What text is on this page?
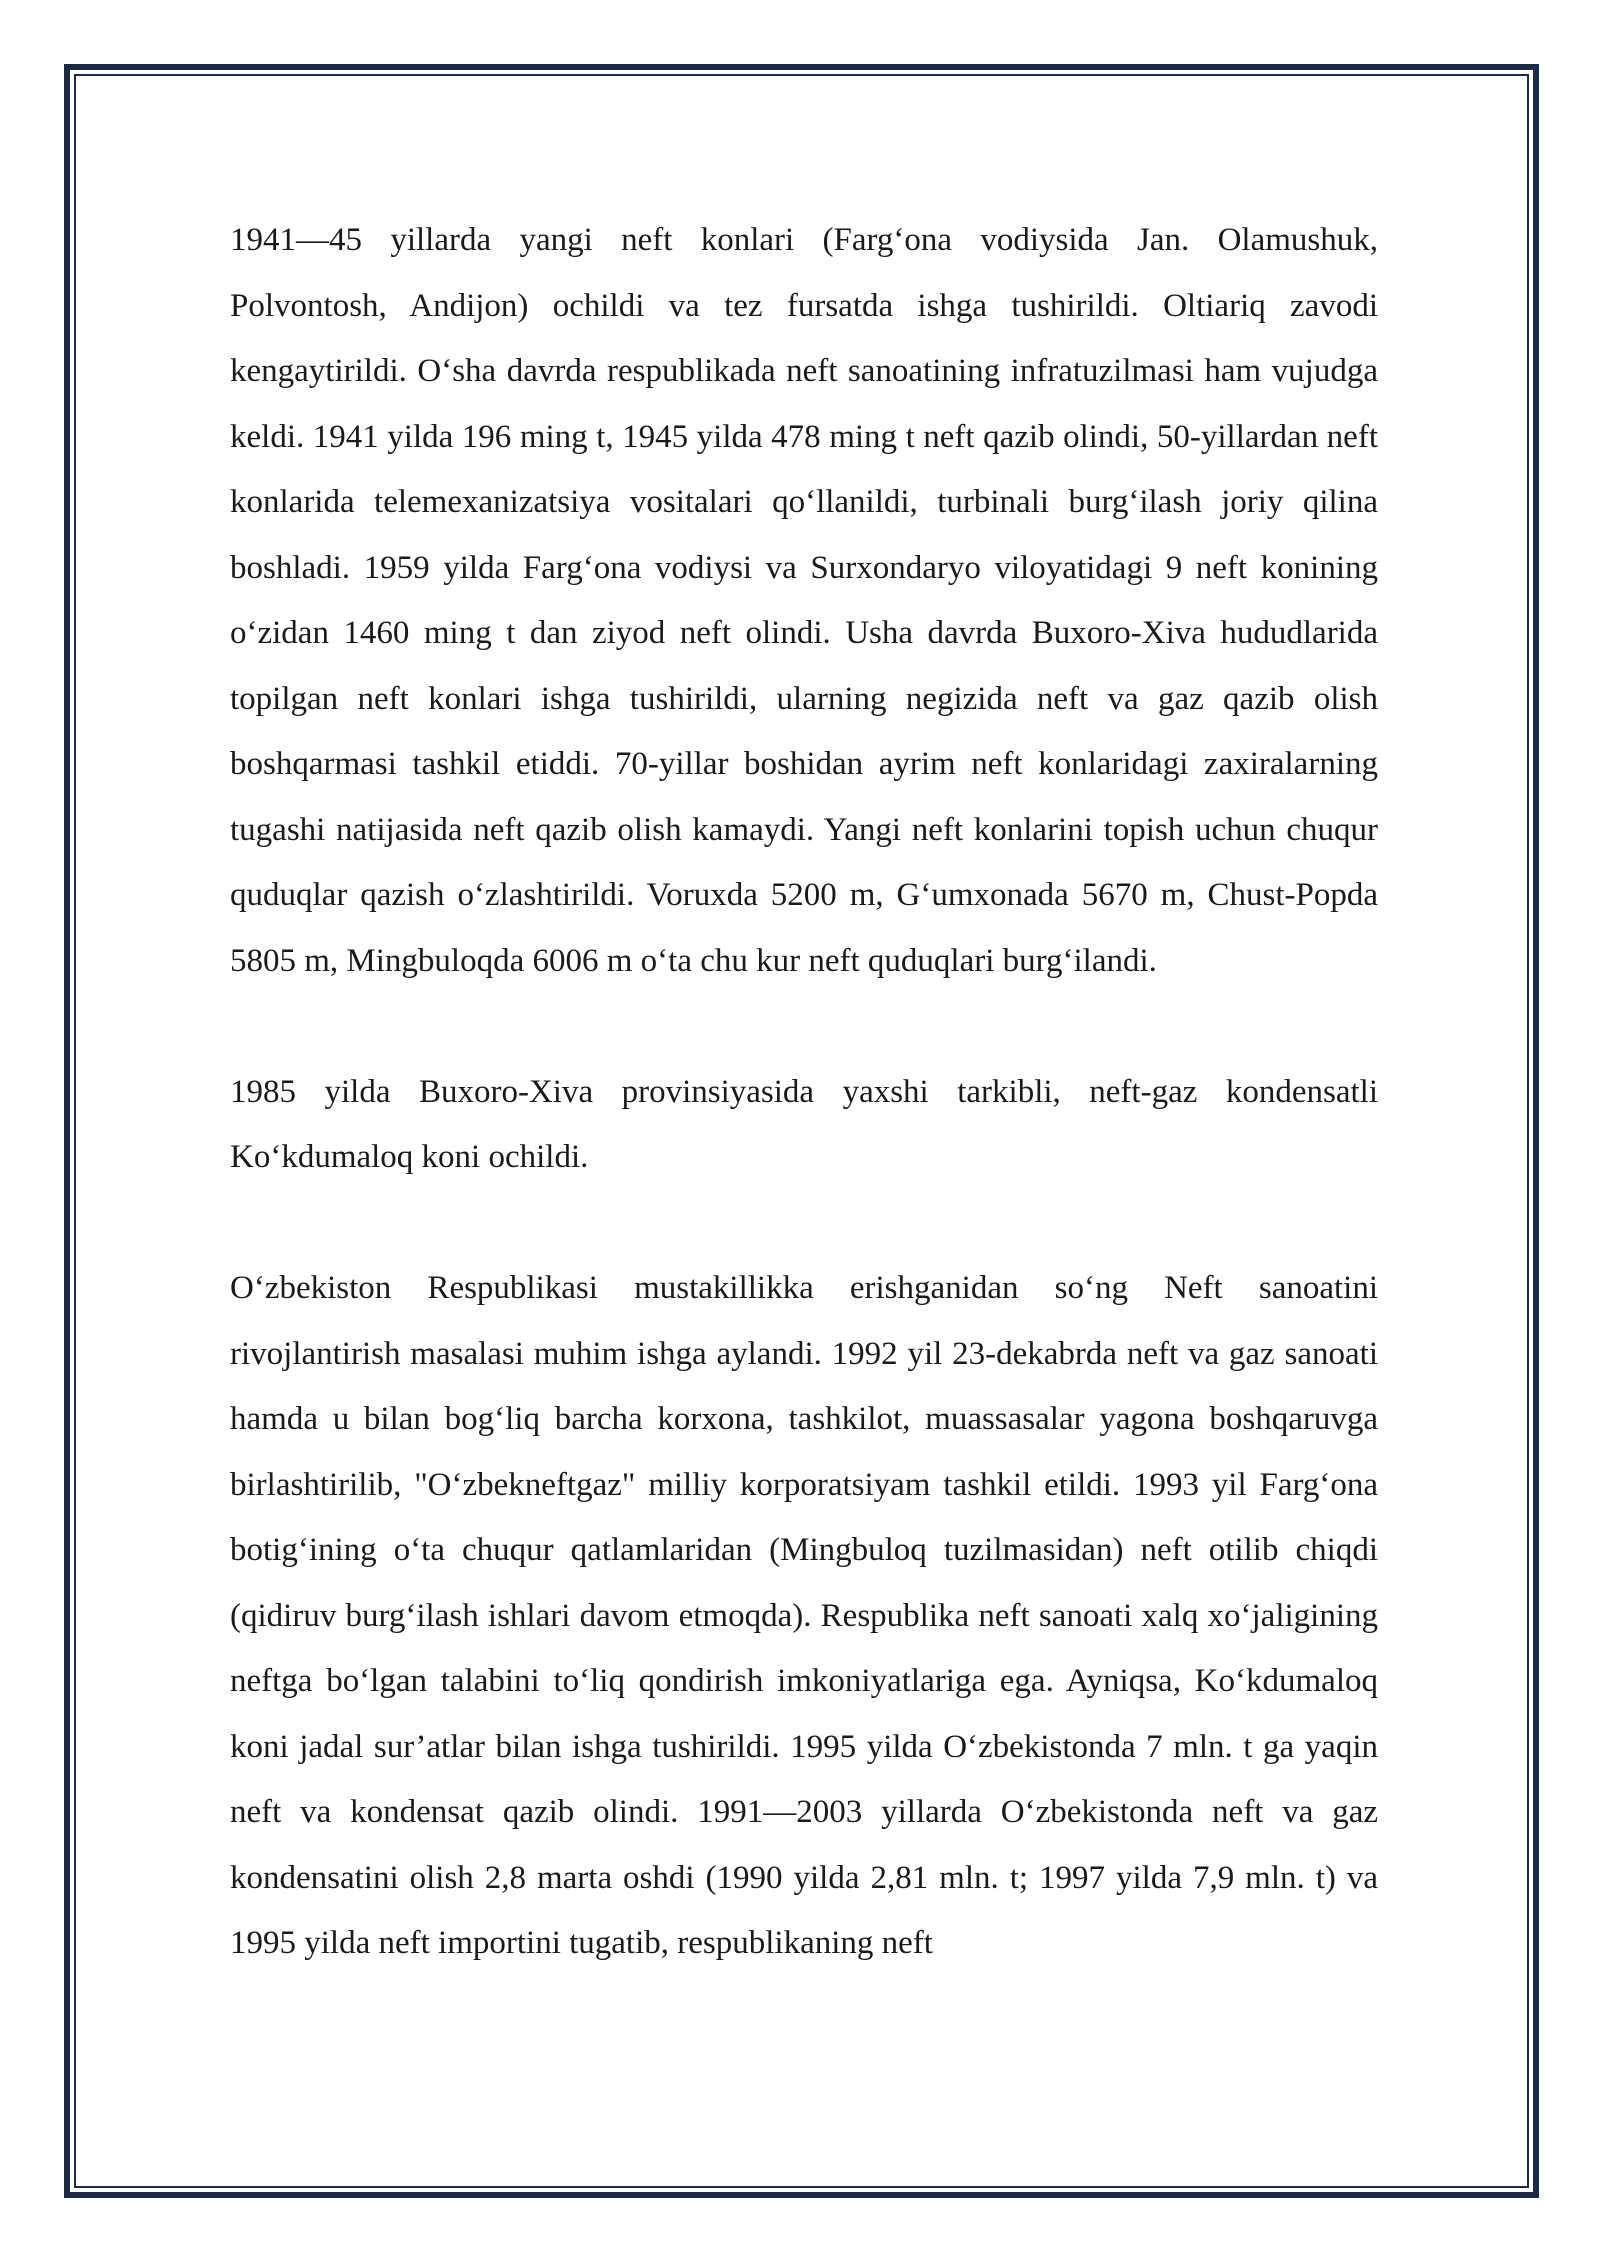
1941—45 yillarda yangi neft konlari (Farg‘ona vodiysida Jan. Olamushuk, Polvontosh, Andijon) ochildi va tez fursatda ishga tushirildi. Oltiariq zavodi kengaytirildi. O‘sha davrda respublikada neft sanoatining infratuzilmasi ham vujudga keldi. 1941 yilda 196 ming t, 1945 yilda 478 ming t neft qazib olindi, 50-yillardan neft konlarida telemexanizatsiya vositalari qo‘llanildi, turbinali burg‘ilash joriy qilina boshladi. 1959 yilda Farg‘ona vodiysi va Surxondaryo viloyatidagi 9 neft konining o‘zidan 1460 ming t dan ziyod neft olindi. Usha davrda Buxoro-Xiva hududlarida topilgan neft konlari ishga tushirildi, ularning negizida neft va gaz qazib olish boshqarmasi tashkil etiddi. 70-yillar boshidan ayrim neft konlaridagi zaxiralarning tugashi natijasida neft qazib olish kamaydi. Yangi neft konlarini topish uchun chuqur quduqlar qazish o‘zlashtirildi. Voruxda 5200 m, G‘umxonada 5670 m, Chust-Popda 5805 m, Mingbuloqda 6006 m o‘ta chu kur neft quduqlari burg‘ilandi.

1985 yilda Buxoro-Xiva provinsiyasida yaxshi tarkibli, neft-gaz kondensatli Ko‘kdumaloq koni ochildi.

O‘zbekiston Respublikasi mustakillikka erishganidan so‘ng Neft sanoatini rivojlantirish masalasi muhim ishga aylandi. 1992 yil 23-dekabrda neft va gaz sanoati hamda u bilan bog‘liq barcha korxona, tashkilot, muassasalar yagona boshqaruvga birlashtirilib, "O‘zbekneftgaz" milliy korporatsiyam tashkil etildi. 1993 yil Farg‘ona botig‘ining o‘ta chuqur qatlamlaridan (Mingbuloq tuzilmasidan) neft otilib chiqdi (qidiruv burg‘ilash ishlari davom etmoqda). Respublika neft sanoati xalq xo‘jaligining neftga bo‘lgan talabini to‘liq qondirish imkoniyatlariga ega. Ayniqsa, Ko‘kdumaloq koni jadal sur’atlar bilan ishga tushirildi. 1995 yilda O‘zbekistonda 7 mln. t ga yaqin neft va kondensat qazib olindi. 1991—2003 yillarda O‘zbekistonda neft va gaz kondensatini olish 2,8 marta oshdi (1990 yilda 2,81 mln. t; 1997 yilda 7,9 mln. t) va 1995 yilda neft importini tugatib, respublikaning neft
